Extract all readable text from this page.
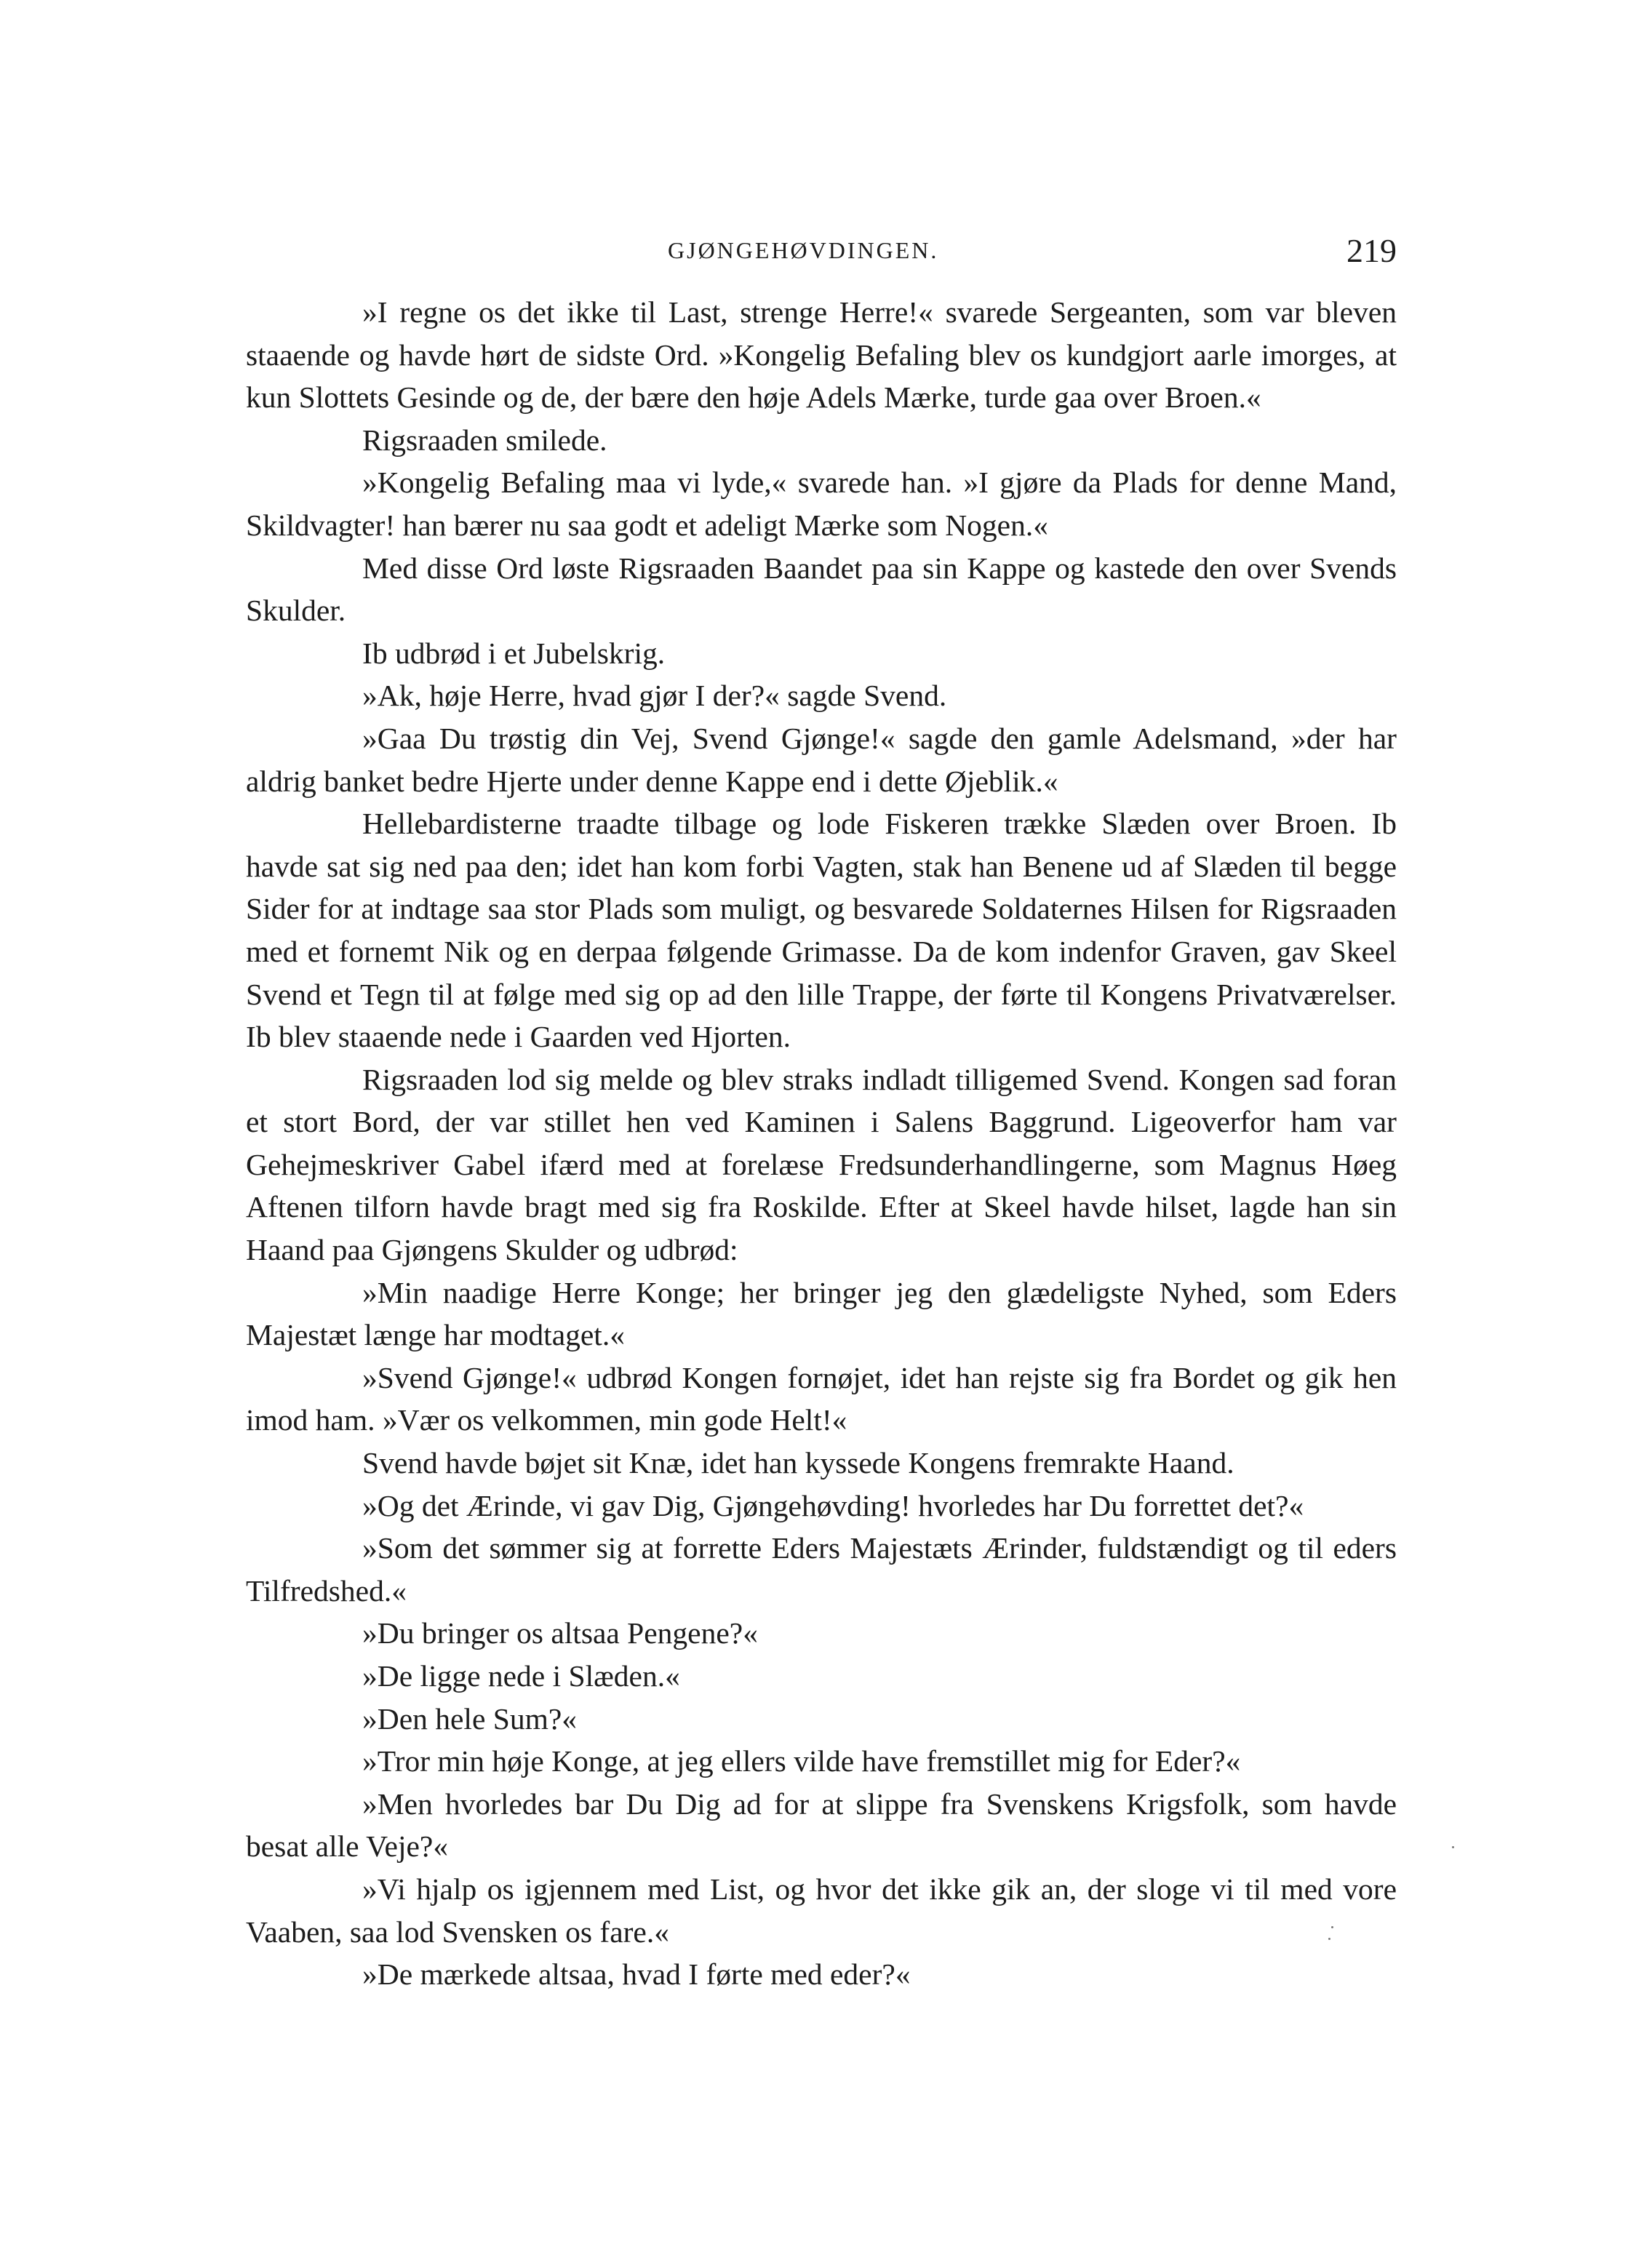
GJØNGEHØVDINGEN.	219

»I regne os det ikke til Last, strenge Herre!« svarede Sergeanten, som var bleven staaende og havde hørt de sidste Ord. »Kongelig Befaling blev os kundgjort aarle imorges, at kun Slottets Gesinde og de, der bære den høje Adels Mærke, turde gaa over Broen.«

Rigsraaden smilede.

»Kongelig Befaling maa vi lyde,« svarede han. »I gjøre da Plads for denne Mand, Skildvagter! han bærer nu saa godt et adeligt Mærke som Nogen.«

Med disse Ord løste Rigsraaden Baandet paa sin Kappe og kastede den over Svends Skulder.

Ib udbrød i et Jubelskrig.

»Ak, høje Herre, hvad gjør I der?« sagde Svend.

»Gaa Du trøstig din Vej, Svend Gjønge!« sagde den gamle Adelsmand, »der har aldrig banket bedre Hjerte under denne Kappe end i dette Øjeblik.«

Hellebardisterne traadte tilbage og lode Fiskeren trække Slæden over Broen. Ib havde sat sig ned paa den; idet han kom forbi Vagten, stak han Benene ud af Slæden til begge Sider for at indtage saa stor Plads som muligt, og besvarede Soldaternes Hilsen for Rigsraaden med et fornemt Nik og en derpaa følgende Grimasse. Da de kom indenfor Graven, gav Skeel Svend et Tegn til at følge med sig op ad den lille Trappe, der førte til Kongens Privatværelser. Ib blev staaende nede i Gaarden ved Hjorten.

Rigsraaden lod sig melde og blev straks indladt tilligemed Svend. Kongen sad foran et stort Bord, der var stillet hen ved Kaminen i Salens Baggrund. Ligeoverfor ham var Gehejmeskriver Gabel ifærd med at forelæse Fredsunderhandlingerne, som Magnus Høeg Aftenen tilforn havde bragt med sig fra Roskilde. Efter at Skeel havde hilset, lagde han sin Haand paa Gjøngens Skulder og udbrød:

»Min naadige Herre Konge; her bringer jeg den glædeligste Nyhed, som Eders Majestæt længe har modtaget.«

»Svend Gjønge!« udbrød Kongen fornøjet, idet han rejste sig fra Bordet og gik hen imod ham. »Vær os velkommen, min gode Helt!«

Svend havde bøjet sit Knæ, idet han kyssede Kongens fremrakte Haand.

»Og det Ærinde, vi gav Dig, Gjøngehøvding! hvorledes har Du forrettet det?«

»Som det sømmer sig at forrette Eders Majestæts Ærinder, fuldstændigt og til eders Tilfredshed.«

»Du bringer os altsaa Pengene?«

»De ligge nede i Slæden.«

»Den hele Sum?«

»Tror min høje Konge, at jeg ellers vilde have fremstillet mig for Eder?«

»Men hvorledes bar Du Dig ad for at slippe fra Svenskens Krigsfolk, som havde besat alle Veje?«

»Vi hjalp os igjennem med List, og hvor det ikke gik an, der sloge vi til med vore Vaaben, saa lod Svensken os fare.«

»De mærkede altsaa, hvad I førte med eder?«
